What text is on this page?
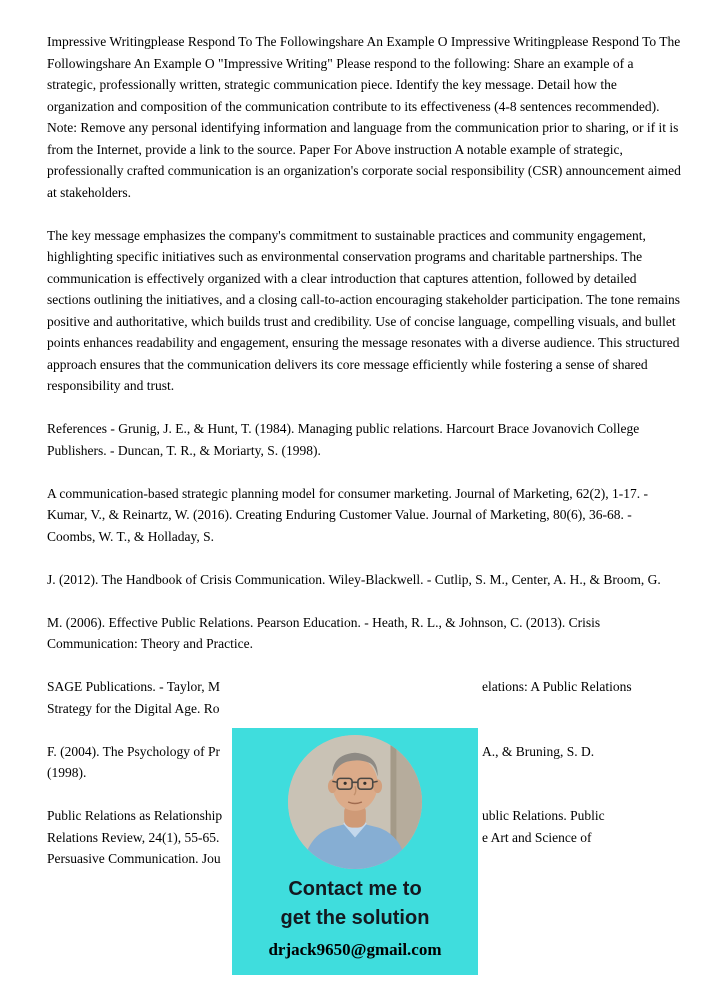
Impressive Writingplease Respond To The Followingshare An Example O Impressive Writingplease Respond To The Followingshare An Example O "Impressive Writing" Please respond to the following: Share an example of a strategic, professionally written, strategic communication piece. Identify the key message. Detail how the organization and composition of the communication contribute to its effectiveness (4-8 sentences recommended). Note: Remove any personal identifying information and language from the communication prior to sharing, or if it is from the Internet, provide a link to the source. Paper For Above instruction A notable example of strategic, professionally crafted communication is an organization's corporate social responsibility (CSR) announcement aimed at stakeholders.

The key message emphasizes the company's commitment to sustainable practices and community engagement, highlighting specific initiatives such as environmental conservation programs and charitable partnerships. The communication is effectively organized with a clear introduction that captures attention, followed by detailed sections outlining the initiatives, and a closing call-to-action encouraging stakeholder participation. The tone remains positive and authoritative, which builds trust and credibility. Use of concise language, compelling visuals, and bullet points enhances readability and engagement, ensuring the message resonates with a diverse audience. This structured approach ensures that the communication delivers its core message efficiently while fostering a sense of shared responsibility and trust.

References - Grunig, J. E., & Hunt, T. (1984). Managing public relations. Harcourt Brace Jovanovich College Publishers. - Duncan, T. R., & Moriarty, S. (1998).

A communication-based strategic planning model for consumer marketing. Journal of Marketing, 62(2), 1-17. - Kumar, V., & Reinartz, W. (2016). Creating Enduring Customer Value. Journal of Marketing, 80(6), 36-68. - Coombs, W. T., & Holladay, S.

J. (2012). The Handbook of Crisis Communication. Wiley-Blackwell. - Cutlip, S. M., Center, A. H., & Broom, G.

M. (2006). Effective Public Relations. Pearson Education. - Heath, R. L., & Johnson, C. (2013). Crisis Communication: Theory and Practice.

SAGE Publications. - Taylor, M	elations: A Public Relations
Strategy for the Digital Age. Ro
F. (2004). The Psychology of Pr	A., & Bruning, S. D.
(1998).
Public Relations as Relationship	ublic Relations. Public
Relations Review, 24(1), 55-65.	e Art and Science of
Persuasive Communication. Jou
Contact me to
get the solution
drjack9650@gmail.com
